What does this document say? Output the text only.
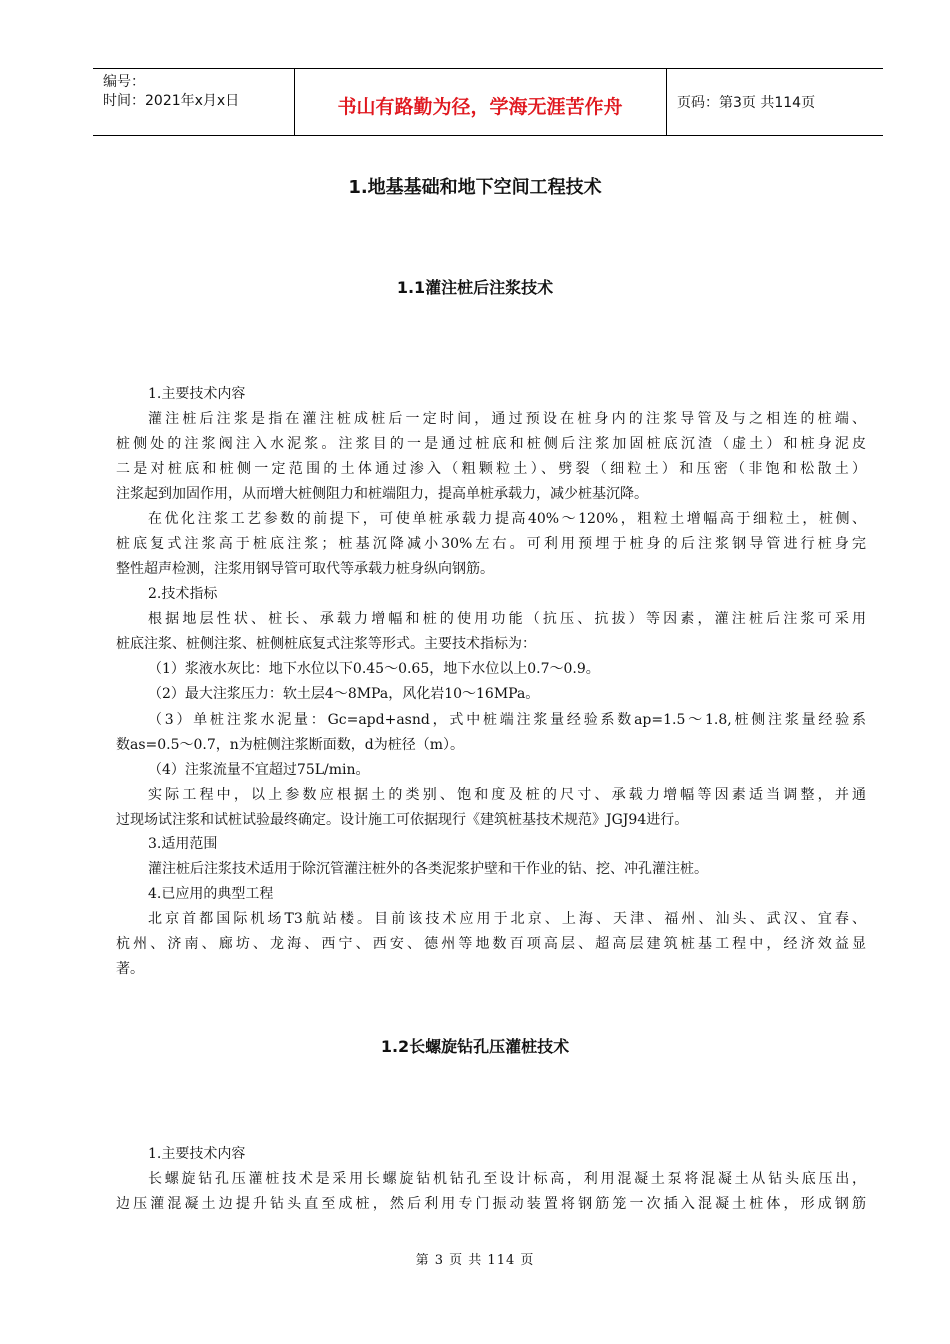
编号：
时间：2021年x月x日	书山有路勤为径，学海无涯苦作舟	页码：第3页 共114页
1.地基基础和地下空间工程技术
1.1灌注桩后注浆技术
1.主要技术内容
灌注桩后注浆是指在灌注桩成桩后一定时间，通过预设在桩身内的注浆导管及与之相连的桩端、
桩侧处的注浆阀注入水泥浆。注浆目的一是通过桩底和桩侧后注浆加固桩底沉渣（虚土）和桩身泥皮
二是对桩底和桩侧一定范围的土体通过渗入（粗颗粒土）、劈裂（细粒土）和压密（非饱和松散土）
注浆起到加固作用，从而增大桩侧阻力和桩端阻力，提高单桩承载力，减少桩基沉降。
在优化注浆工艺参数的前提下，可使单桩承载力提高40%～120%，粗粒土增幅高于细粒土，桩侧、
桩底复式注浆高于桩底注浆；桩基沉降减小30%左右。可利用预埋于桩身的后注浆钢导管进行桩身完
整性超声检测，注浆用钢导管可取代等承载力桩身纵向钢筋。
2.技术指标
根据地层性状、桩长、承载力增幅和桩的使用功能（抗压、抗拔）等因素，灌注桩后注浆可采用
桩底注浆、桩侧注浆、桩侧桩底复式注浆等形式。主要技术指标为：
（1）浆液水灰比：地下水位以下0.45～0.65，地下水位以上0.7～0.9。
（2）最大注浆压力：软土层4～8MPa，风化岩10～16MPa。
（3）单桩注浆水泥量：Gc=apd+asnd，式中桩端注浆量经验系数ap=1.5～1.8,桩侧注浆量经验系
数as=0.5～0.7，n为桩侧注浆断面数，d为桩径（m）。
（4）注浆流量不宜超过75L/min。
实际工程中，以上参数应根据土的类别、饱和度及桩的尺寸、承载力增幅等因素适当调整，并通
过现场试注浆和试桩试验最终确定。设计施工可依据现行《建筑桩基技术规范》JGJ94进行。
3.适用范围
灌注桩后注浆技术适用于除沉管灌注桩外的各类泥浆护壁和干作业的钻、挖、冲孔灌注桩。
4.已应用的典型工程
北京首都国际机场T3航站楼。目前该技术应用于北京、上海、天津、福州、汕头、武汉、宜春、
杭州、济南、廊坊、龙海、西宁、西安、德州等地数百项高层、超高层建筑桩基工程中，经济效益显
著。
1.2长螺旋钻孔压灌桩技术
1.主要技术内容
长螺旋钻孔压灌桩技术是采用长螺旋钻机钻孔至设计标高，利用混凝土泵将混凝土从钻头底压出，
边压灌混凝土边提升钻头直至成桩，然后利用专门振动装置将钢筋笼一次插入混凝土桩体，形成钢筋
第 3 页 共 114 页
